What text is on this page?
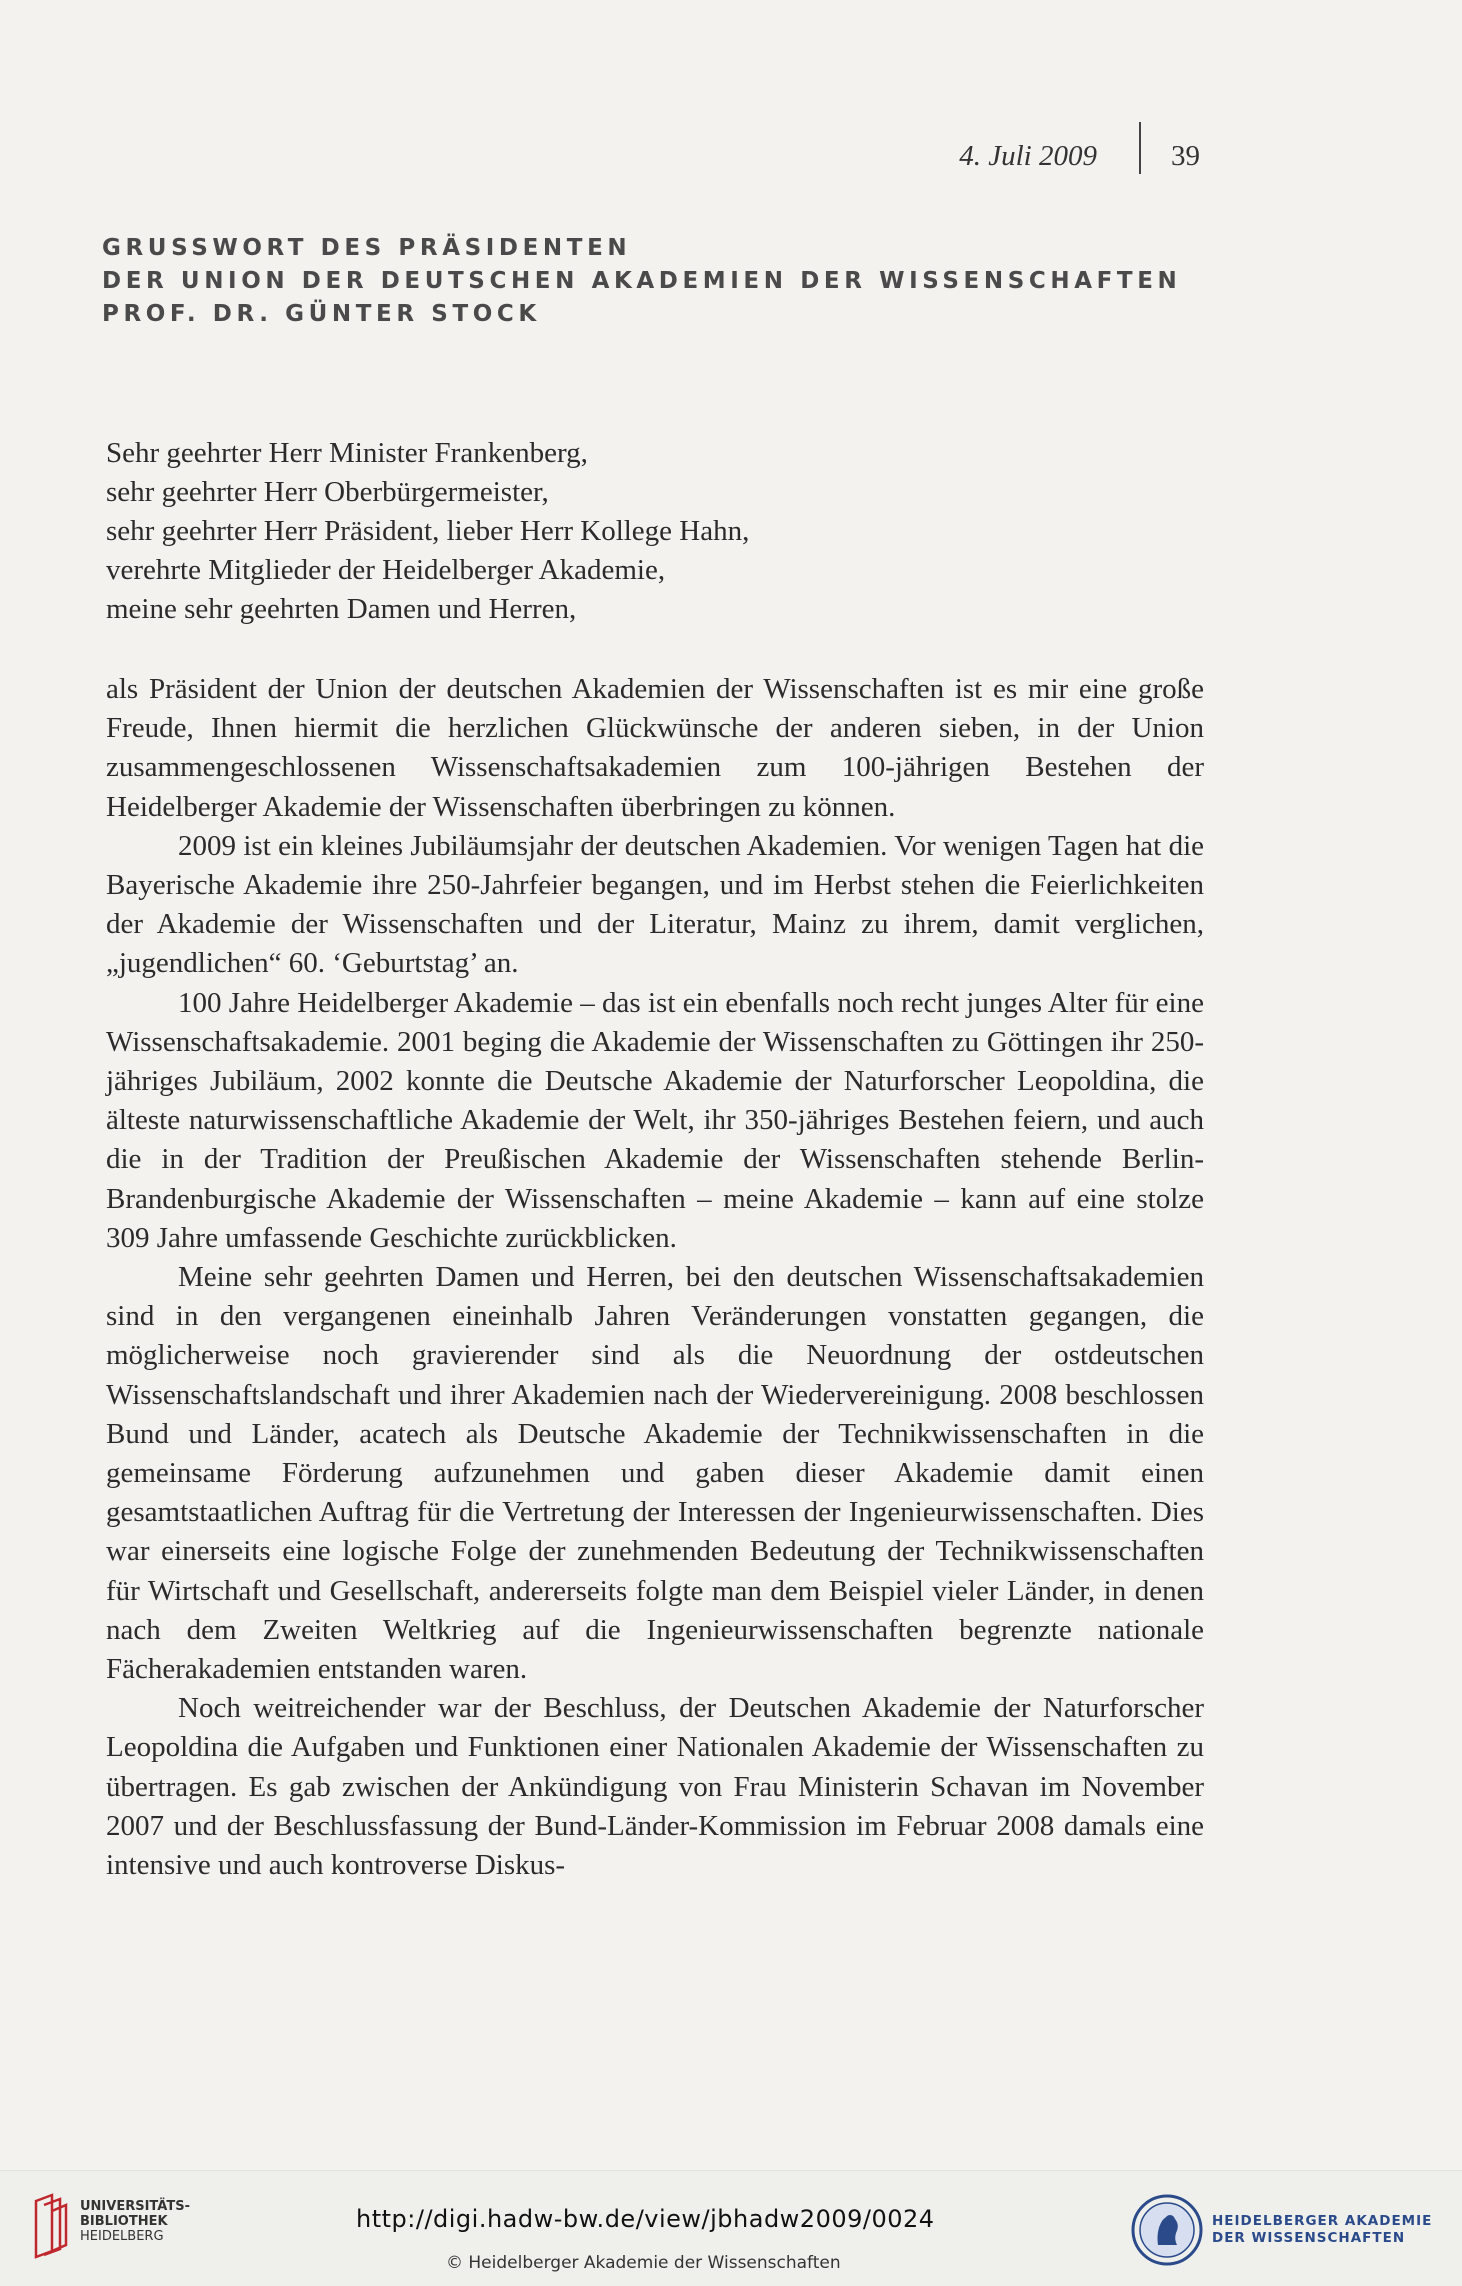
4. Juli 2009	39
GRUSSWORT DES PRÄSIDENTEN
DER UNION DER DEUTSCHEN AKADEMIEN DER WISSENSCHAFTEN
PROF. DR. GÜNTER STOCK
Sehr geehrter Herr Minister Frankenberg,
sehr geehrter Herr Oberbürgermeister,
sehr geehrter Herr Präsident, lieber Herr Kollege Hahn,
verehrte Mitglieder der Heidelberger Akademie,
meine sehr geehrten Damen und Herren,

als Präsident der Union der deutschen Akademien der Wissenschaften ist es mir eine große Freude, Ihnen hiermit die herzlichen Glückwünsche der anderen sieben, in der Union zusammengeschlossenen Wissenschaftsakademien zum 100-jährigen Bestehen der Heidelberger Akademie der Wissenschaften überbringen zu können.

2009 ist ein kleines Jubiläumsjahr der deutschen Akademien. Vor wenigen Tagen hat die Bayerische Akademie ihre 250-Jahrfeier begangen, und im Herbst stehen die Feierlichkeiten der Akademie der Wissenschaften und der Literatur, Mainz zu ihrem, damit verglichen, „jugendlichen“ 60. ‘Geburtstag’ an.

100 Jahre Heidelberger Akademie – das ist ein ebenfalls noch recht junges Alter für eine Wissenschaftsakademie. 2001 beging die Akademie der Wissenschaften zu Göttingen ihr 250-jähriges Jubiläum, 2002 konnte die Deutsche Akademie der Naturforscher Leopoldina, die älteste naturwissenschaftliche Akademie der Welt, ihr 350-jähriges Bestehen feiern, und auch die in der Tradition der Preußischen Akademie der Wissenschaften stehende Berlin-Brandenburgische Akademie der Wissenschaften – meine Akademie – kann auf eine stolze 309 Jahre umfassende Geschichte zurückblicken.

Meine sehr geehrten Damen und Herren, bei den deutschen Wissenschaftsakademien sind in den vergangenen eineinhalb Jahren Veränderungen vonstatten gegangen, die möglicherweise noch gravierender sind als die Neuordnung der ostdeutschen Wissenschaftslandschaft und ihrer Akademien nach der Wiedervereinigung. 2008 beschlossen Bund und Länder, acatech als Deutsche Akademie der Technikwissenschaften in die gemeinsame Förderung aufzunehmen und gaben dieser Akademie damit einen gesamtstaatlichen Auftrag für die Vertretung der Interessen der Ingenieurwissenschaften. Dies war einerseits eine logische Folge der zunehmenden Bedeutung der Technikwissenschaften für Wirtschaft und Gesellschaft, andererseits folgte man dem Beispiel vieler Länder, in denen nach dem Zweiten Weltkrieg auf die Ingenieurwissenschaften begrenzte nationale Fächerakademien entstanden waren.

Noch weitreichender war der Beschluss, der Deutschen Akademie der Naturforscher Leopoldina die Aufgaben und Funktionen einer Nationalen Akademie der Wissenschaften zu übertragen. Es gab zwischen der Ankündigung von Frau Ministerin Schavan im November 2007 und der Beschlussfassung der Bund-Länder-Kommission im Februar 2008 damals eine intensive und auch kontroverse Diskus-

UNIVERSITÄTS-
BIBLIOTHEK
HEIDELBERG
http://digi.hadw-bw.de/view/jbhadw2009/0024
© Heidelberger Akademie der Wissenschaften
HEIDELBERGER AKADEMIE
DER WISSENSCHAFTEN
